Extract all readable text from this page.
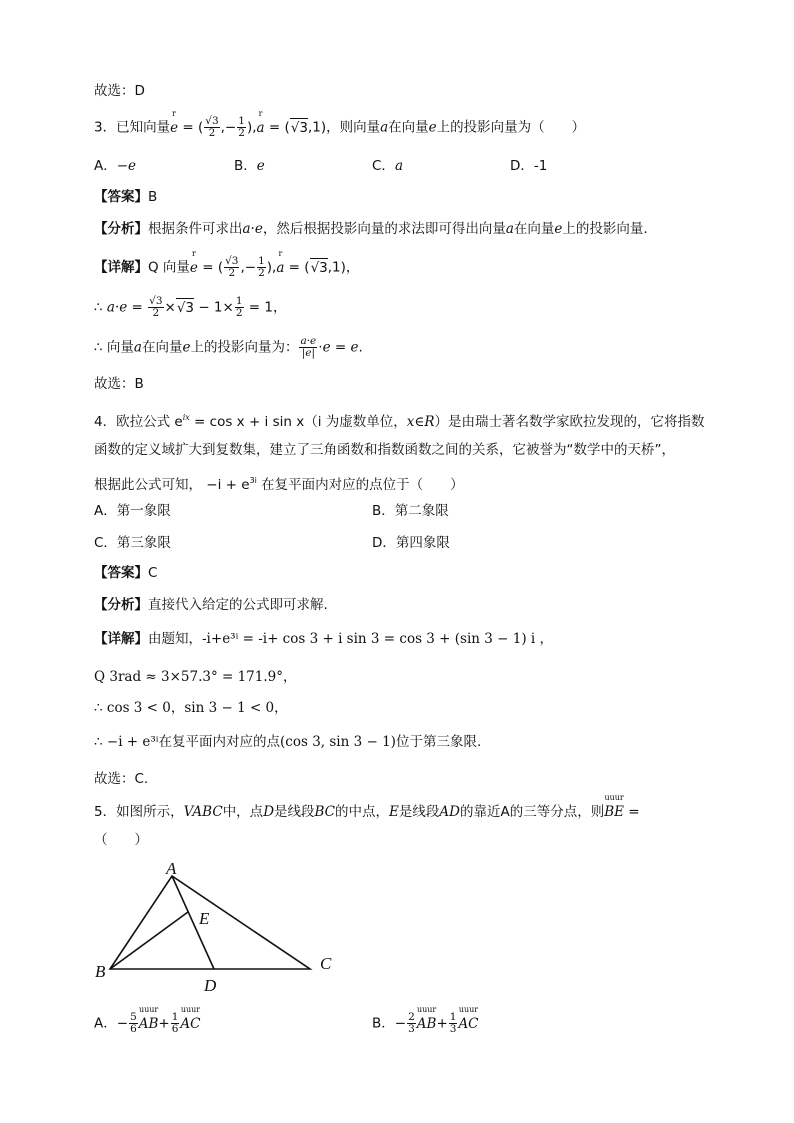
故选：D
3．已知向量e
r
= ( $\frac{√3}{2}$ ,− $\frac{1}{2} ),a$
r
= (√3,1)，则向量a在向量e上的投影向量为（　　）
A．−e	B．e	C．a	D．-1
【答案】B
【分析】根据条件可求出a·e，然后根据投影向量的求法即可得出向量a在向量e上的投影向量.
【详解】Q 向量e
r
= ( $\frac{√3}{2}$ ,− $\frac{1}{2} ),a$
r
= (√3,1)，
∴ $a\cdot e = \frac{√3}{2} \times√3 - 1\times \frac{1}{2} = 1$，
∴ 向量a在向量e上的投影向量为： $\frac{a\cdot e}{|e|} \cdot e = e$.
故选：B
4．欧拉公式 $e^{ix} = \cos x + i$ sin x（i 为虚数单位，x∈R）是由瑞士著名数学家欧拉发现的，它将指数
函数的定义域扩大到复数集，建立了三角函数和指数函数之间的关系，它被誉为“数学中的天桥”，
根据此公式可知， $-i + e^{3i}$ 在复平面内对应的点位于（　　）
A．第一象限	B．第二象限
C．第三象限	D．第四象限
【答案】C
【分析】直接代入给定的公式即可求解.
【详解】由题知，-i+e³ⁱ = -i+ cos 3 + i sin 3 = cos 3 + (sin 3 − 1) i ，
Q 3rad ≈ 3×57.3° = 171.9°，
∴ cos 3 < 0，sin 3 − 1 < 0，
∴ −i + e³ⁱ在复平面内对应的点(cos 3, sin 3 − 1)位于第三象限.
故选：C.
5．如图所示，VABC中，点D是线段BC的中点，E是线段AD的靠近A的三等分点，则BE
uuur
=
（　　）
A
B	C
D
E
A．− $\frac{5}{6}$ AB
uuur
+ $\frac{1}{6}$ AC
uuur
B．− $\frac{2}{3}$ AB
uuur
+ $\frac{1}{3}$ AC
uuur
